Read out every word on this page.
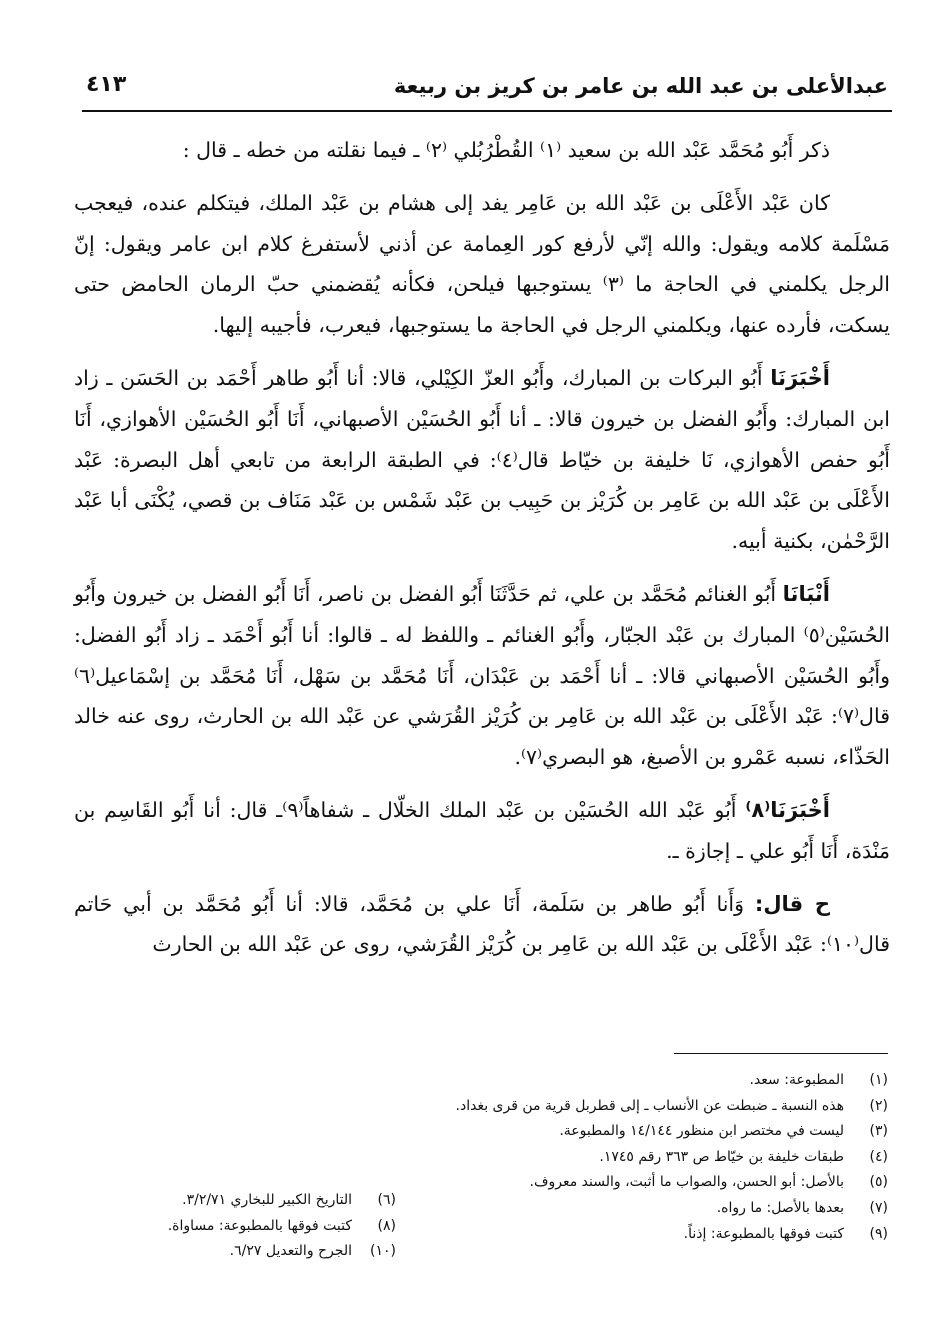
عبدالأعلى بن عبد الله بن عامر بن كريز بن ربيعة
٤١٣

ذكر أَبُو مُحَمَّد عَبْد الله بن سعيد ⁽١⁾ القُطْرُبُلي ⁽٢⁾ ـ فيما نقلته من خطه ـ قال :

كان عَبْد الأَعْلَى بن عَبْد الله بن عَامِر يفد إلى هشام بن عَبْد الملك، فيتكلم عنده، فيعجب مَسْلَمة كلامه ويقول: والله إنّي لأرفع كور العِمامة عن أذني لأستفرغ كلام ابن عامر ويقول: إنّ الرجل يكلمني في الحاجة ما ⁽٣⁾ يستوجبها فيلحن، فكأنه يُقضمني حبّ الرمان الحامض حتى يسكت، فأرده عنها، ويكلمني الرجل في الحاجة ما يستوجبها، فيعرب، فأجيبه إليها.

أَخْبَرَنَا أَبُو البركات بن المبارك، وأَبُو العزّ الكِيْلي، قالا: أنا أَبُو طاهر أَحْمَد بن الحَسَن ـ زاد ابن المبارك: وأَبُو الفضل بن خيرون قالا: ـ أنا أَبُو الحُسَيْن الأصبهاني، أَنَا أَبُو الحُسَيْن الأهوازي، أَنَا أَبُو حفص الأهوازي، نَا خليفة بن خيّاط قال⁽٤⁾: في الطبقة الرابعة من تابعي أهل البصرة: عَبْد الأَعْلَى بن عَبْد الله بن عَامِر بن كُرَيْز بن حَبِيب بن عَبْد شَمْس بن عَبْد مَنَاف بن قصي، يُكْنَى أبا عَبْد الرَّحْمٰن، بكنية أبيه.

أَنْبَانَا أَبُو الغنائم مُحَمَّد بن علي، ثم حَدَّثَنَا أَبُو الفضل بن ناصر، أَنَا أَبُو الفضل بن خيرون وأَبُو الحُسَيْن⁽٥⁾ المبارك بن عَبْد الجبّار، وأَبُو الغنائم ـ واللفظ له ـ قالوا: أنا أَبُو أَحْمَد ـ زاد أَبُو الفضل: وأَبُو الحُسَيْن الأصبهاني قالا: ـ أنا أَحْمَد بن عَبْدَان، أَنَا مُحَمَّد بن سَهْل، أَنَا مُحَمَّد بن إسْمَاعيل⁽٦⁾ قال⁽٧⁾: عَبْد الأَعْلَى بن عَبْد الله بن عَامِر بن كُرَيْز القُرَشي عن عَبْد الله بن الحارث، روى عنه خالد الحَذّاء، نسبه عَمْرو بن الأصبغ، هو البصري⁽٧⁾.

أَخْبَرَنَا⁽٨⁾ أَبُو عَبْد الله الحُسَيْن بن عَبْد الملك الخلّال ـ شفاهاً⁽٩⁾ـ قال: أنا أَبُو القَاسِم بن مَنْدَة، أَنَا أَبُو علي ـ إجازة ـ.

ح قال: وَأَنا أَبُو طاهر بن سَلَمة، أَنَا علي بن مُحَمَّد، قالا: أنا أَبُو مُحَمَّد بن أبي حَاتم قال⁽١٠⁾: عَبْد الأَعْلَى بن عَبْد الله بن عَامِر بن كُرَيْز القُرَشي، روى عن عَبْد الله بن الحارث

(١)المطبوعة: سعد.
(٢)هذه النسبة ـ ضبطت عن الأنساب ـ إلى قطربل قرية من قرى بغداد.
(٣)ليست في مختصر ابن منظور ١٤/١٤٤ والمطبوعة.
(٤)طبقات خليفة بن خيّاط ص ٣٦٣ رقم ١٧٤٥.
(٥)بالأصل: أبو الحسن، والصواب ما أثبت، والسند معروف.
(٧)بعدها بالأصل: ما رواه.
(٩)كتبت فوقها بالمطبوعة: إذناً.
(٦)التاريخ الكبير للبخاري ٣/٢/٧١.
(٨)كتبت فوقها بالمطبوعة: مساواة.
(١٠)الجرح والتعديل ٦/٢٧.
